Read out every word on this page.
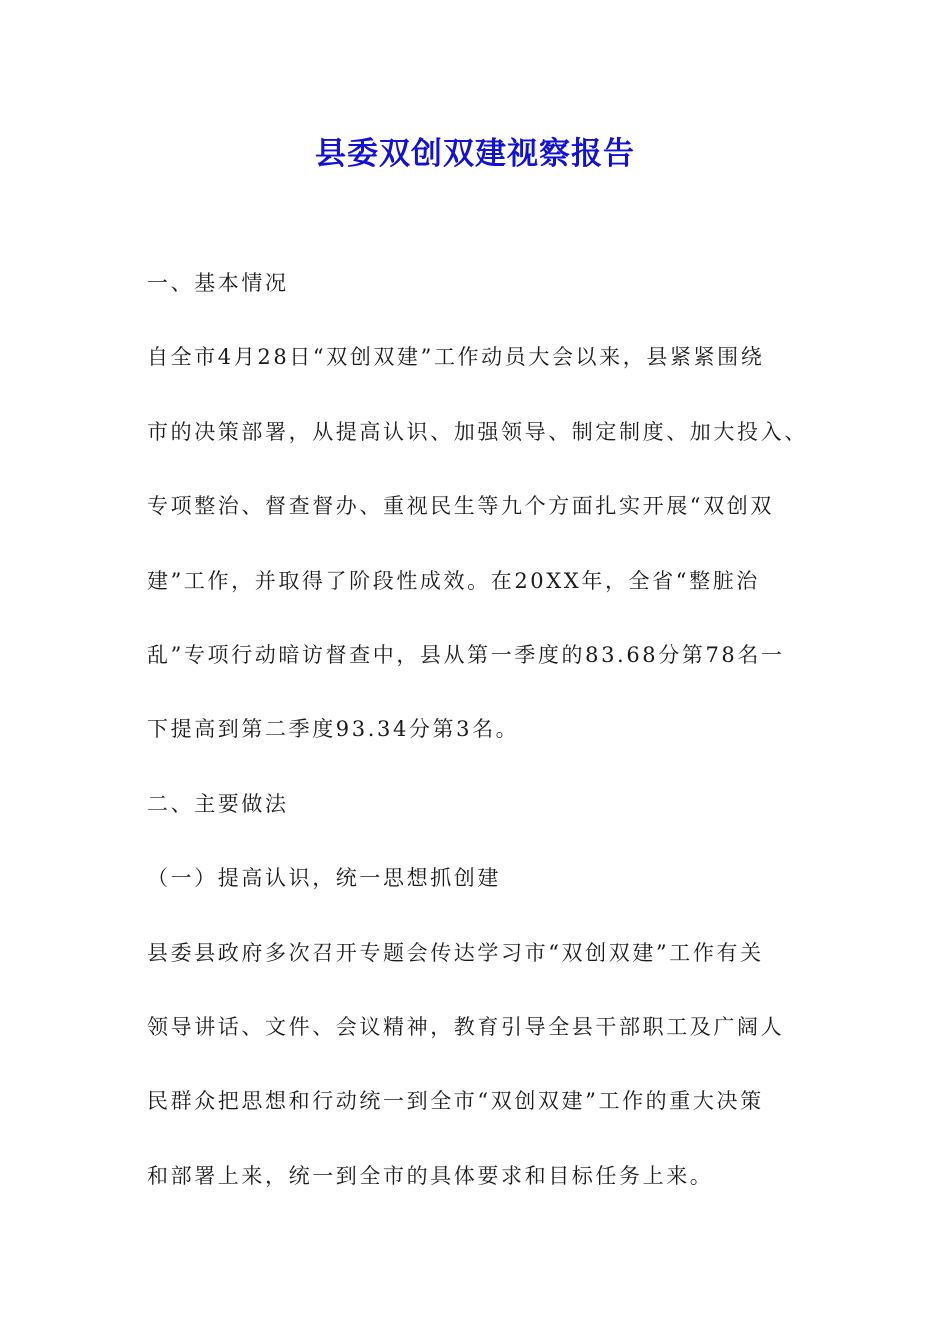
县委双创双建视察报告

一、基本情况

自全市4月28日“双创双建”工作动员大会以来，县紧紧围绕

市的决策部署，从提高认识、加强领导、制定制度、加大投入、

专项整治、督查督办、重视民生等九个方面扎实开展“双创双

建”工作，并取得了阶段性成效。在20XX年，全省“整脏治

乱”专项行动暗访督查中，县从第一季度的83.68分第78名一

下提高到第二季度93.34分第3名。

二、主要做法

（一）提高认识，统一思想抓创建

县委县政府多次召开专题会传达学习市“双创双建”工作有关

领导讲话、文件、会议精神，教育引导全县干部职工及广阔人

民群众把思想和行动统一到全市“双创双建”工作的重大决策

和部署上来，统一到全市的具体要求和目标任务上来。
